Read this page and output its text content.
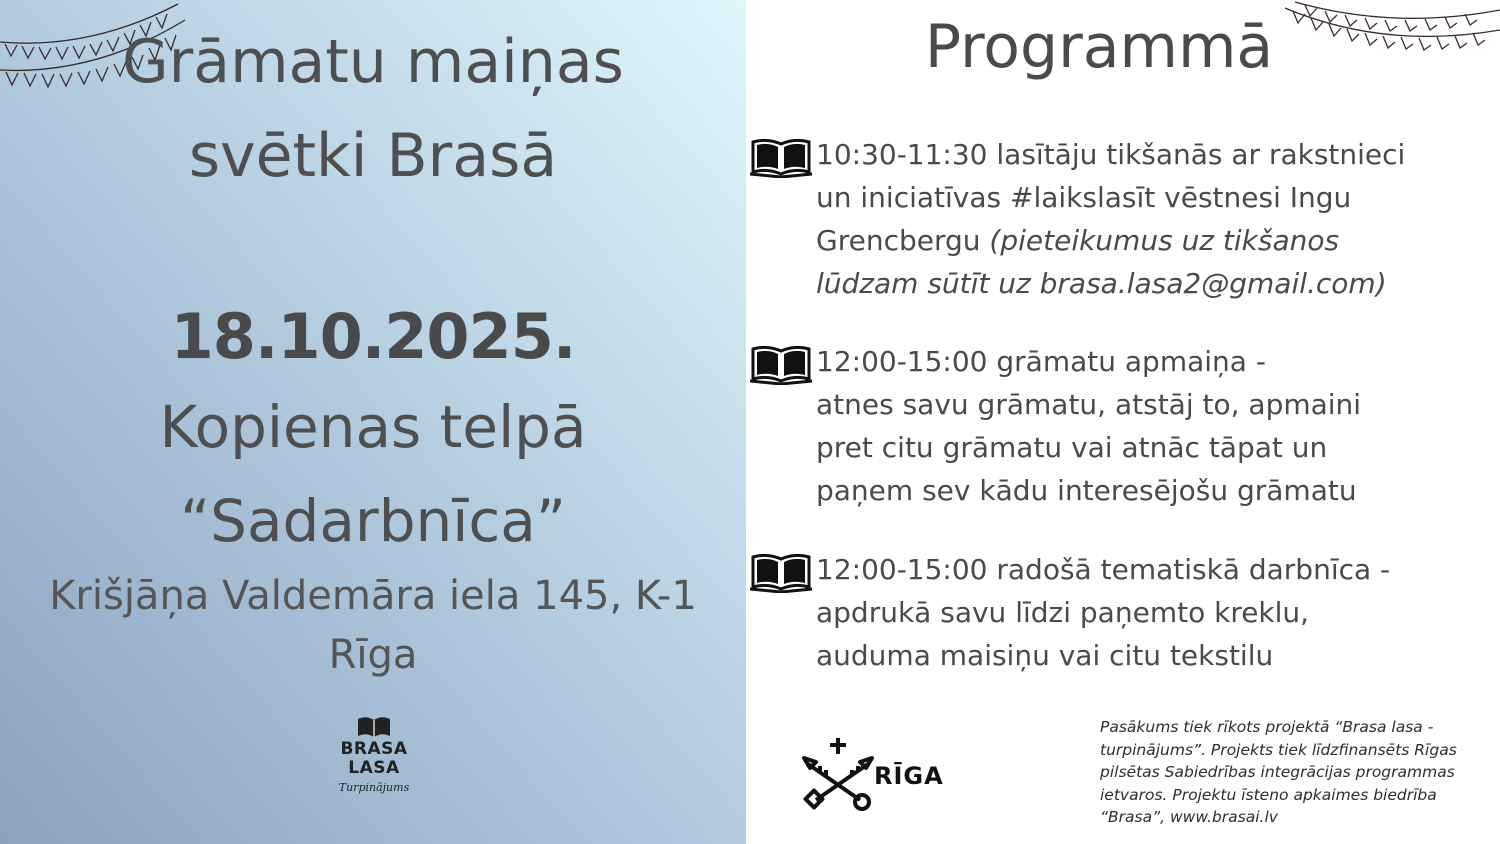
Grāmatu maiņas

svētki Brasā

18.10.2025.

Kopienas telpā

“Sadarbnīca”

Krišjāņa Valdemāra iela 145, K-1

Rīga

BRASA
LASA
Turpinājums
Programmā

10:30-11:30 lasītāju tikšanās ar rakstnieci

un iniciatīvas #laikslasīt vēstnesi Ingu

Grencbergu (pieteikumus uz tikšanos

lūdzam sūtīt uz brasa.lasa2@gmail.com)

12:00-15:00 grāmatu apmaiņa -

atnes savu grāmatu, atstāj to, apmaini

pret citu grāmatu vai atnāc tāpat un

paņem sev kādu interesējošu grāmatu

12:00-15:00 radošā tematiskā darbnīca -

apdrukā savu līdzi paņemto kreklu,

auduma maisiņu vai citu tekstilu

RĪGA
Pasākums tiek rīkots projektā “Brasa lasa -
turpinājums”. Projekts tiek līdzfinansēts Rīgas
pilsētas Sabiedrības integrācijas programmas
ietvaros. Projektu īsteno apkaimes biedrība
“Brasa”, www.brasai.lv
